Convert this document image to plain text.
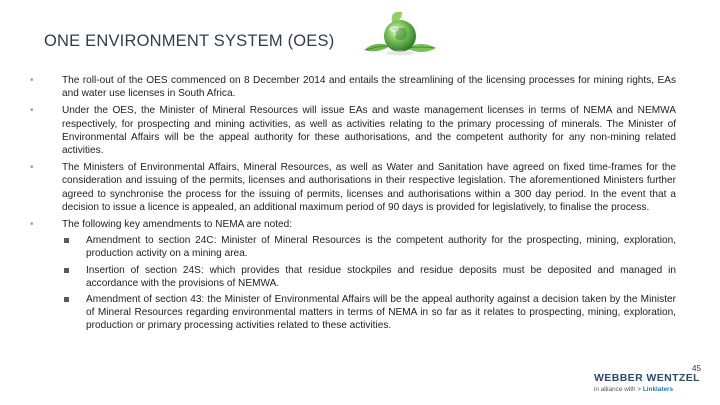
ONE ENVIRONMENT SYSTEM (OES)
•	The roll-out of the OES commenced on 8 December 2014 and entails the streamlining of the licensing processes for mining rights, EAs and water use licenses in South Africa.
•	Under the OES, the Minister of Mineral Resources will issue EAs and waste management licenses in terms of NEMA and NEMWA respectively, for prospecting and mining activities, as well as activities relating to the primary processing of minerals. The Minister of Environmental Affairs will be the appeal authority for these authorisations, and the competent authority for any non-mining related activities.
•	The Ministers of Environmental Affairs, Mineral Resources, as well as Water and Sanitation have agreed on fixed time-frames for the consideration and issuing of the permits, licenses and authorisations in their respective legislation. The aforementioned Ministers further agreed to synchronise the process for the issuing of permits, licenses and authorisations within a 300 day period. In the event that a decision to issue a licence is appealed, an additional maximum period of 90 days is provided for legislatively, to finalise the process.
•	The following key amendments to NEMA are noted:
Amendment to section 24C: Minister of Mineral Resources is the competent authority for the prospecting, mining, exploration, production activity on a mining area.
Insertion of section 24S: which provides that residue stockpiles and residue deposits must be deposited and managed in accordance with the provisions of NEMWA.
Amendment of section 43: the Minister of Environmental Affairs will be the appeal authority against a decision taken by the Minister of Mineral Resources regarding environmental matters in terms of NEMA in so far as it relates to prospecting, mining, exploration, production or primary processing activities related to these activities.
45
WEBBER WENTZEL
in alliance with > Linklaters
